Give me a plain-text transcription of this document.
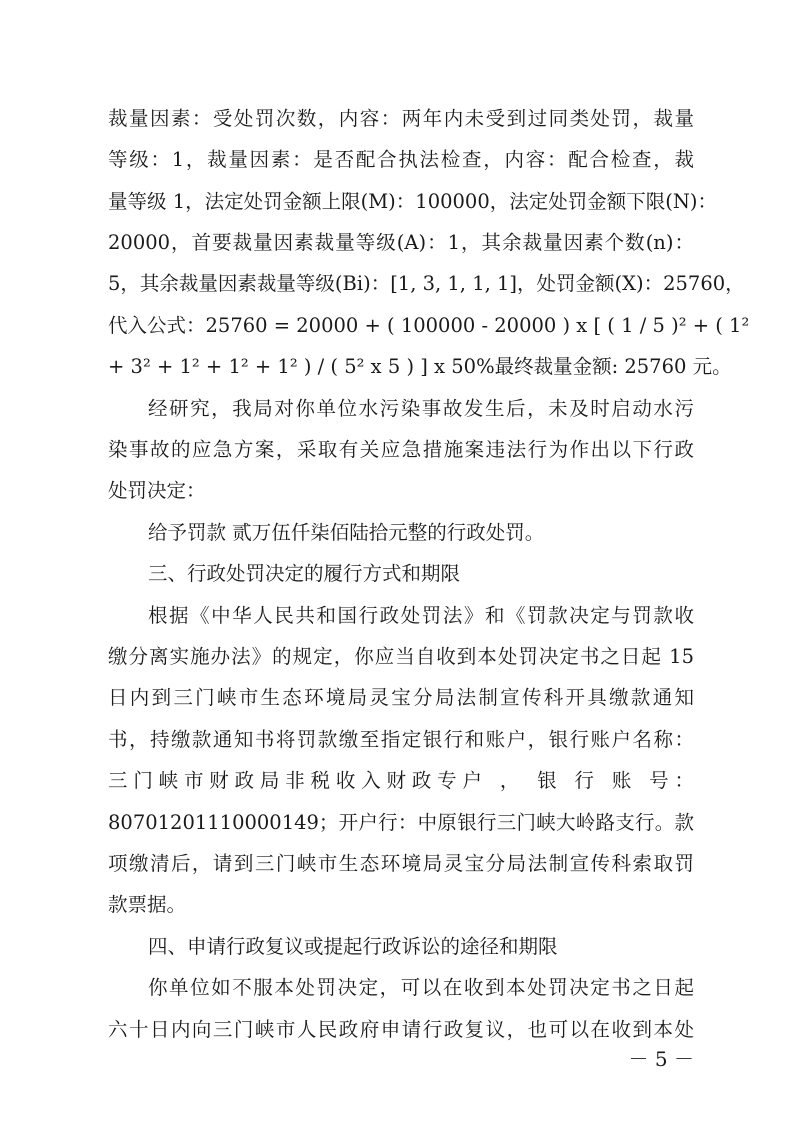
裁量因素：受处罚次数，内容：两年内未受到过同类处罚，裁量
等级：1，裁量因素：是否配合执法检查，内容：配合检查，裁
量等级 1，法定处罚金额上限(M)：100000，法定处罚金额下限(N)：
20000，首要裁量因素裁量等级(A)：1，其余裁量因素个数(n)：
5，其余裁量因素裁量等级(Bi)：[1, 3, 1, 1, 1]，处罚金额(X)：25760，
代入公式：25760 = 20000 + ( 100000 - 20000 ) x [ ( 1 / 5 )² + ( 1²
+ 3² + 1² + 1² + 1² ) / ( 5² x 5 ) ] x 50%最终裁量金额: 25760 元。
经研究，我局对你单位水污染事故发生后，未及时启动水污
染事故的应急方案，采取有关应急措施案违法行为作出以下行政
处罚决定：
给予罚款 贰万伍仟柒佰陆拾元整的行政处罚。
三、行政处罚决定的履行方式和期限
根据《中华人民共和国行政处罚法》和《罚款决定与罚款收
缴分离实施办法》的规定，你应当自收到本处罚决定书之日起 15
日内到三门峡市生态环境局灵宝分局法制宣传科开具缴款通知
书，持缴款通知书将罚款缴至指定银行和账户，银行账户名称：
三门峡市财政局非税收入财政专户 ， 银 行 账 号：
80701201110000149；开户行：中原银行三门峡大岭路支行。款
项缴清后，请到三门峡市生态环境局灵宝分局法制宣传科索取罚
款票据。
四、申请行政复议或提起行政诉讼的途径和期限
你单位如不服本处罚决定，可以在收到本处罚决定书之日起
六十日内向三门峡市人民政府申请行政复议，也可以在收到本处
－ 5 －
